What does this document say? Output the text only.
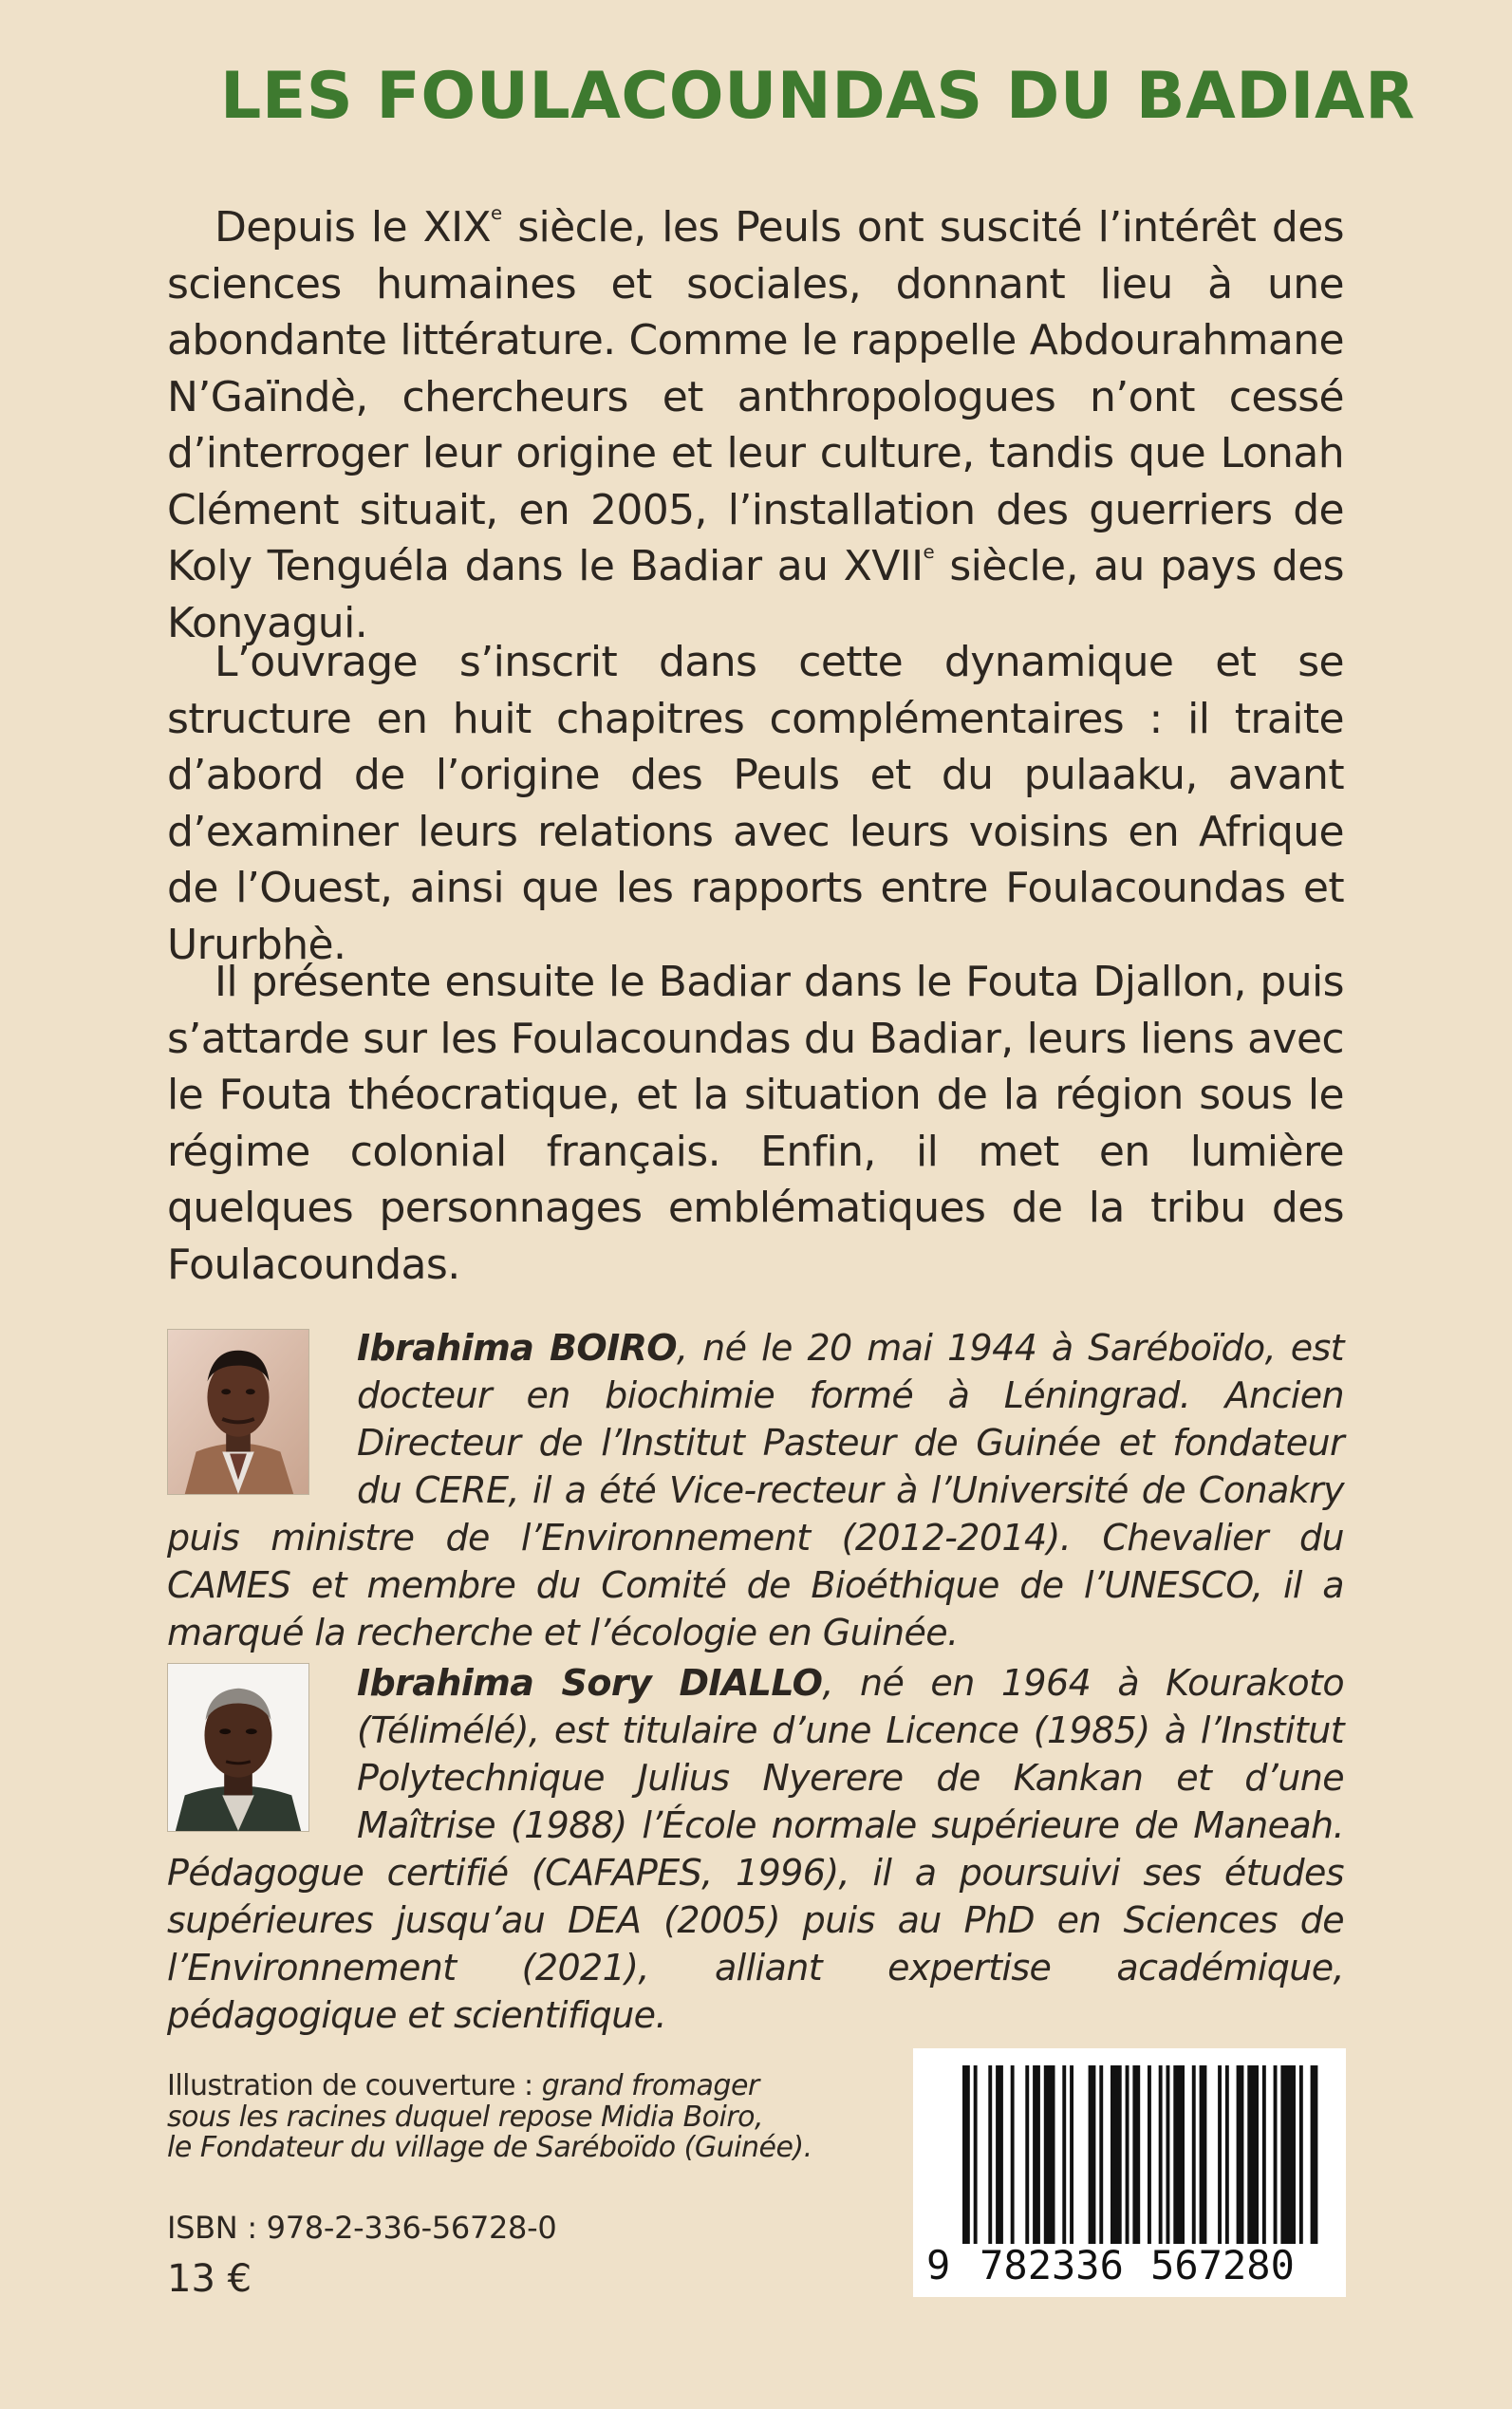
LES FOULACOUNDAS DU BADIAR

Depuis le XIXe siècle, les Peuls ont suscité l’intérêt des sciences humaines et sociales, donnant lieu à une abondante littérature. Comme le rappelle Abdourahmane N’Gaïndè, chercheurs et anthropologues n’ont cessé d’interroger leur origine et leur culture, tandis que Lonah Clément situait, en 2005, l’installation des guerriers de Koly Tenguéla dans le Badiar au XVIIe siècle, au pays des Konyagui.

L’ouvrage s’inscrit dans cette dynamique et se structure en huit chapitres complémentaires : il traite d’abord de l’origine des Peuls et du pulaaku, avant d’examiner leurs relations avec leurs voisins en Afrique de l’Ouest, ainsi que les rapports entre Foulacoundas et Ururbhè.

Il présente ensuite le Badiar dans le Fouta Djallon, puis s’attarde sur les Foulacoundas du Badiar, leurs liens avec le Fouta théocratique, et la situation de la région sous le régime colonial français. Enfin, il met en lumière quelques personnages emblématiques de la tribu des Foulacoundas.

Ibrahima BOIRO, né le 20 mai 1944 à Saréboïdo, est docteur en biochimie formé à Léningrad. Ancien Directeur de l’Institut Pasteur de Guinée et fondateur du CERE, il a été Vice-recteur à l’Université de Conakry puis ministre de l’Environnement (2012-2014). Chevalier du CAMES et membre du Comité de Bioéthique de l’UNESCO, il a marqué la recherche et l’écologie en Guinée.
Ibrahima Sory DIALLO, né en 1964 à Kourakoto (Télimélé), est titulaire d’une Licence (1985) à l’Institut Polytechnique Julius Nyerere de Kankan et d’une Maîtrise (1988) l’École normale supérieure de Maneah. Pédagogue certifié (CAFAPES, 1996), il a poursuivi ses études supérieures jusqu’au DEA (2005) puis au PhD en Sciences de l’Environnement (2021), alliant expertise académique, pédagogique et scientifique.

Illustration de couverture : grand fromager
sous les racines duquel repose Midia Boiro,
le Fondateur du village de Saréboïdo (Guinée).

ISBN : 978-2-336-56728-0

13 €	9 782336 567280
